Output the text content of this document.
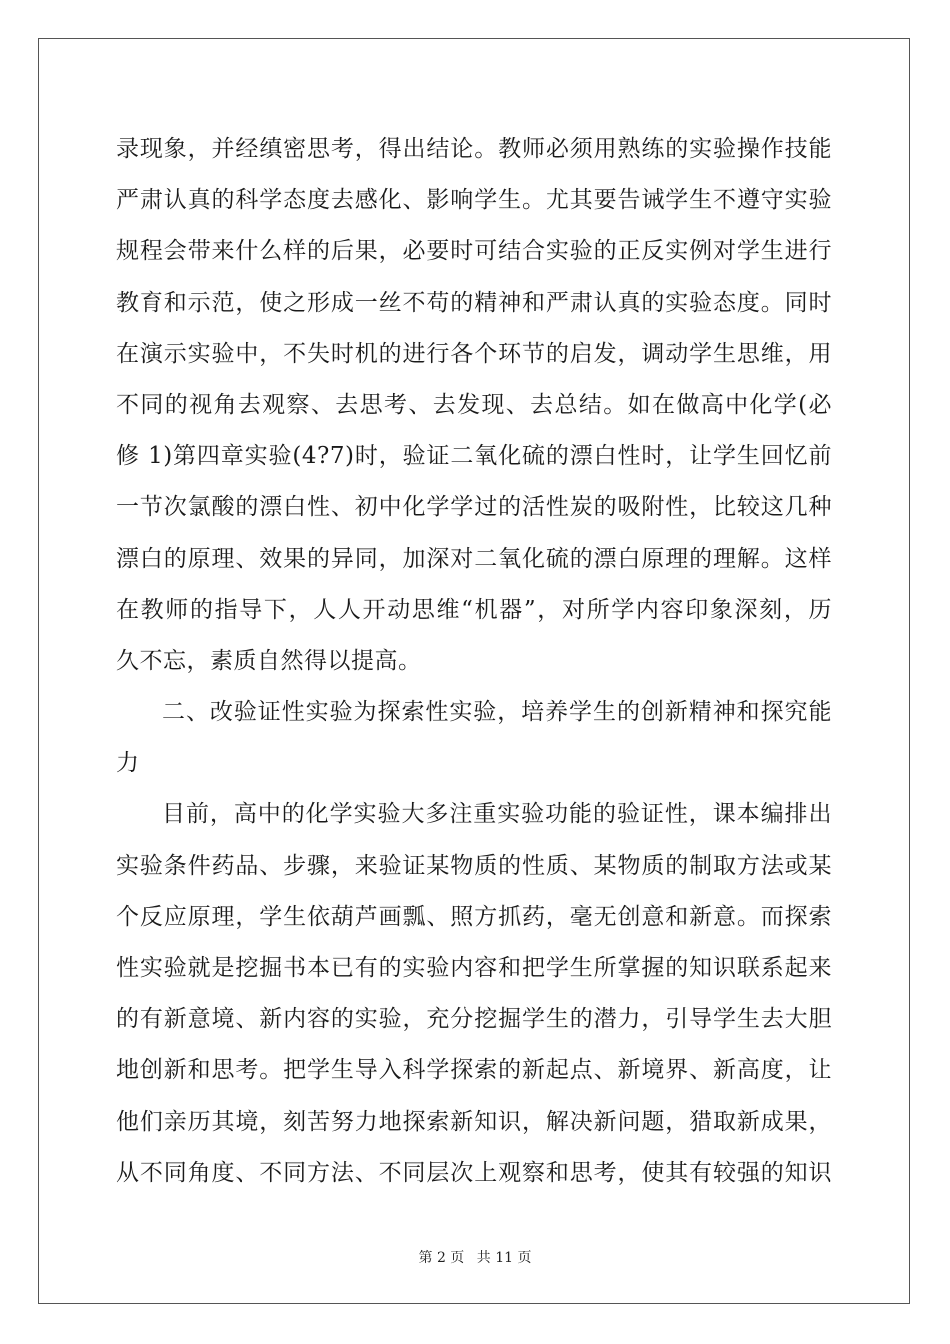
录现象，并经缜密思考，得出结论。教师必须用熟练的实验操作技能
严肃认真的科学态度去感化、影响学生。尤其要告诫学生不遵守实验
规程会带来什么样的后果，必要时可结合实验的正反实例对学生进行
教育和示范，使之形成一丝不苟的精神和严肃认真的实验态度。同时
在演示实验中，不失时机的进行各个环节的启发，调动学生思维，用
不同的视角去观察、去思考、去发现、去总结。如在做高中化学(必
修 1)第四章实验(4?7)时，验证二氧化硫的漂白性时，让学生回忆前
一节次氯酸的漂白性、初中化学学过的活性炭的吸附性，比较这几种
漂白的原理、效果的异同，加深对二氧化硫的漂白原理的理解。这样
在教师的指导下，人人开动思维“机器”，对所学内容印象深刻，历
久不忘，素质自然得以提高。
二、改验证性实验为探索性实验，培养学生的创新精神和探究能
力
目前，高中的化学实验大多注重实验功能的验证性，课本编排出
实验条件药品、步骤，来验证某物质的性质、某物质的制取方法或某
个反应原理，学生依葫芦画瓢、照方抓药，毫无创意和新意。而探索
性实验就是挖掘书本已有的实验内容和把学生所掌握的知识联系起来
的有新意境、新内容的实验，充分挖掘学生的潜力，引导学生去大胆
地创新和思考。把学生导入科学探索的新起点、新境界、新高度，让
他们亲历其境，刻苦努力地探索新知识，解决新问题，猎取新成果，
从不同角度、不同方法、不同层次上观察和思考，使其有较强的知识
第 2 页 共 11 页
